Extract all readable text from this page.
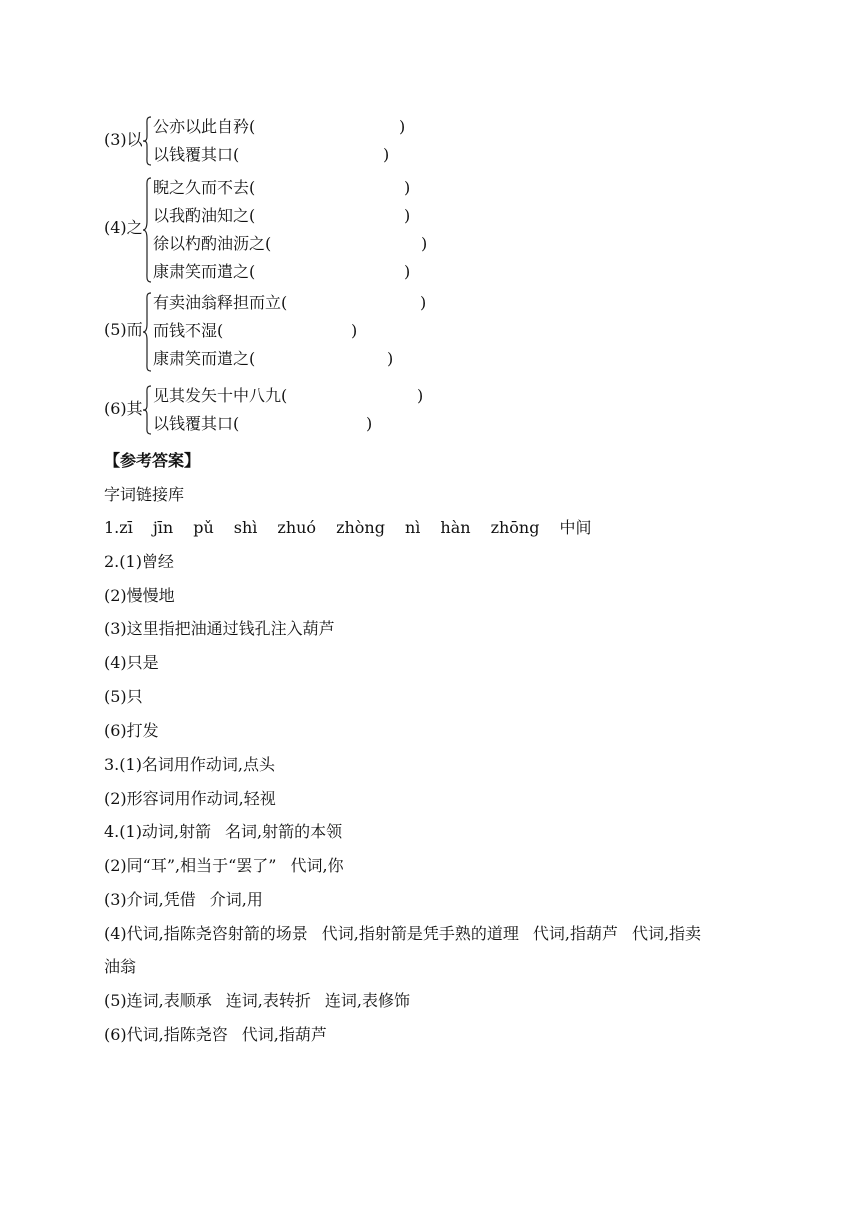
(3)以
公亦以此自矜(	)
以钱覆其口(	)
(4)之
睨之久而不去(	)
以我酌油知之(	)
徐以杓酌油沥之(	)
康肃笑而遣之(	)
(5)而
有卖油翁释担而立(	)
而钱不湿(	)
康肃笑而遣之(	)
(6)其
见其发矢十中八九(	)
以钱覆其口(	)
【参考答案】
字词链接库
1.zī jīn pǔ shì zhuó zhòng nì hàn zhōng 中间
2.(1)曾经
(2)慢慢地
(3)这里指把油通过钱孔注入葫芦
(4)只是
(5)只
(6)打发
3.(1)名词用作动词,点头
(2)形容词用作动词,轻视
4.(1)动词,射箭 名词,射箭的本领
(2)同“耳”,相当于“罢了” 代词,你
(3)介词,凭借 介词,用
(4)代词,指陈尧咨射箭的场景 代词,指射箭是凭手熟的道理 代词,指葫芦 代词,指卖
油翁
(5)连词,表顺承 连词,表转折 连词,表修饰
(6)代词,指陈尧咨 代词,指葫芦
